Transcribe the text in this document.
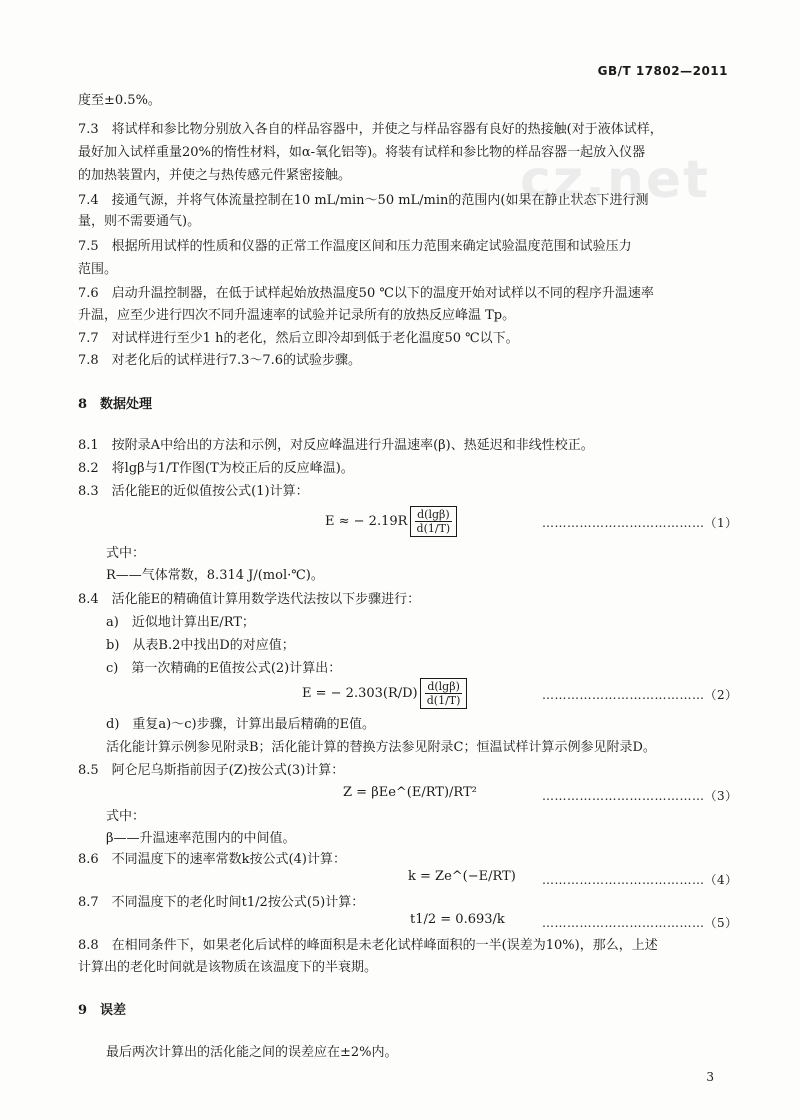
cz.net
GB/T 17802—2011
度至±0.5%。
7.3　将试样和参比物分别放入各自的样品容器中，并使之与样品容器有良好的热接触(对于液体试样，
最好加入试样重量20%的惰性材料，如α-氧化铝等)。将装有试样和参比物的样品容器一起放入仪器
的加热装置内，并使之与热传感元件紧密接触。
7.4　接通气源，并将气体流量控制在10 mL/min～50 mL/min的范围内(如果在静止状态下进行测
量，则不需要通气)。
7.5　根据所用试样的性质和仪器的正常工作温度区间和压力范围来确定试验温度范围和试验压力
范围。
7.6　启动升温控制器，在低于试样起始放热温度50 ℃以下的温度开始对试样以不同的程序升温速率
升温，应至少进行四次不同升温速率的试验并记录所有的放热反应峰温 Tp。
7.7　对试样进行至少1 h的老化，然后立即冷却到低于老化温度50 ℃以下。
7.8　对老化后的试样进行7.3～7.6的试验步骤。
8　数据处理
8.1　按附录A中给出的方法和示例，对反应峰温进行升温速率(β)、热延迟和非线性校正。
8.2　将lgβ与1/T作图(T为校正后的反应峰温)。
8.3　活化能E的近似值按公式(1)计算：
E ≈ − $2.19R \frac{d(\lg\beta)}{d(1/T)}$	…………………………………（1）
式中：
R——气体常数，8.314 J/(mol·℃)。
8.4　活化能E的精确值计算用数学迭代法按以下步骤进行：
a)　近似地计算出E/RT；
b)　从表B.2中找出D的对应值；
c)　第一次精确的E值按公式(2)计算出：
E = − $2.303(R/D) \frac{d(\lg\beta)}{d(1/T)}$	…………………………………（2）
d)　重复a)～c)步骤，计算出最后精确的E值。
活化能计算示例参见附录B；活化能计算的替换方法参见附录C；恒温试样计算示例参见附录D。
8.5　阿仑尼乌斯指前因子(Z)按公式(3)计算：
Z = βEe^(E/RT)/RT²	…………………………………（3）
式中：
β——升温速率范围内的中间值。
8.6　不同温度下的速率常数k按公式(4)计算：
k = Ze^(−E/RT) …………………………………（4）
8.7　不同温度下的老化时间t1/2按公式(5)计算：
t1/2 = 0.693/k	…………………………………（5）
8.8　在相同条件下，如果老化后试样的峰面积是未老化试样峰面积的一半(误差为10%)，那么，上述
计算出的老化时间就是该物质在该温度下的半衰期。
9　误差
最后两次计算出的活化能之间的误差应在±2%内。
3
